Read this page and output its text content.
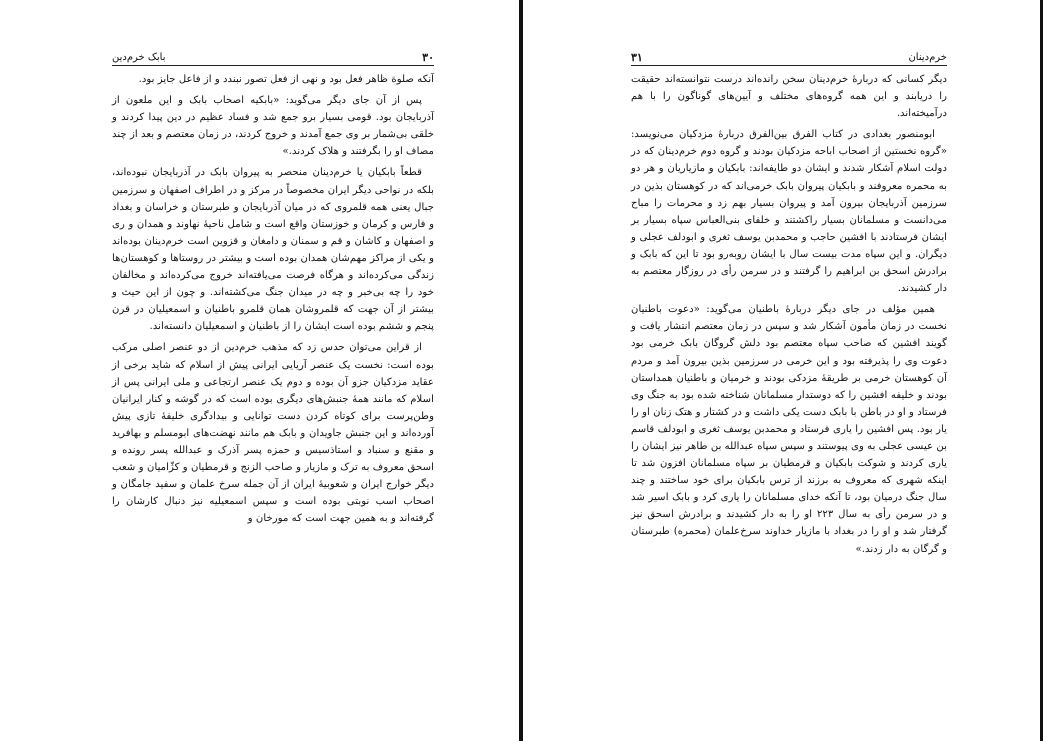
بابک خرم‌دین	۳۰

آنکه صلوة ظاهر فعل بود و نهی از فعل تصور نبندد و از فاعل جایز بود.

پس از آن جای دیگر می‌گوید: «بابکیه اصحاب بابک و این ملعون از آذربایجان بود. قومی بسیار برو جمع شد و فساد عظیم در دین پیدا کردند و خلقی بی‌شمار بر وی جمع آمدند و خروج کردند، در زمان معتصم و بعد از چند مصاف او را بگرفتند و هلاک کردند.»

قطعاً بابکیان یا خرم‌دینان منحصر به پیروان بابک در آذربایجان نبوده‌اند، بلکه در نواحی دیگر ایران مخصوصاً در مرکز و در اطراف اصفهان و سرزمین جبال یعنی همه قلمروی که در میان آذربایجان و طبرستان و خراسان و بغداد و فارس و کرمان و خوزستان واقع است و شامل ناحیهٔ نهاوند و همدان و ری و اصفهان و کاشان و قم و سمنان و دامغان و قزوین است خرم‌دینان بوده‌اند و یکی از مراکز مهم‌شان همدان بوده است و بیشتر در روستاها و کوهستان‌ها زندگی می‌کرده‌اند و هرگاه فرصت می‌یافته‌اند خروج می‌کرده‌اند و مخالفان خود را چه بی‌خبر و چه در میدان جنگ می‌کشته‌اند. و چون از این حیث و بیشتر از آن جهت که قلمروشان همان قلمرو باطنیان و اسمعیلیان در قرن پنجم و ششم بوده است ایشان را از باطنیان و اسمعیلیان دانسته‌اند.

از قراین می‌توان حدس زد که مذهب خرم‌دین از دو عنصر اصلی مرکب بوده است: نخست یک عنصر آریایی ایرانی پیش از اسلام که شاید برخی از عقاید مزدکیان جزو آن بوده و دوم یک عنصر ارتجاعی و ملی ایرانی پس از اسلام که مانند همهٔ جنبش‌های دیگری بوده است که در گوشه و کنار ایرانیان وطن‌پرست برای کوتاه کردن دست توانایی و بیدادگری خلیفهٔ تازی پیش آورده‌اند و این جنبش جاویدان و بابک هم مانند نهضت‌های ابومسلم و بهافرید و مقنع و سنباد و استاذسیس و حمزه پسر آذرک و عبدالله پسر رونده و اسحق معروف به ترک و مازیار و صاحب الزنج و قرمطیان و کژّامیان و شعب دیگر خوارج ایران و شعوبیهٔ ایران از آن جمله سرخ علمان و سفید جامگان و اصحاب اسب نوبتی بوده است و سپس اسمعیلیه نیز دنبال کارشان را گرفته‌اند و به همین جهت است که مورخان و

۳۱	خرم‌دینان

دیگر کسانی که دربارهٔ خرم‌دینان سخن رانده‌اند درست نتوانسته‌اند حقیقت را دریابند و این همه گروه‌های مختلف و آیین‌های گوناگون را با هم درآمیخته‌اند.

ابومنصور بغدادی در کتاب الفرق بین‌الفرق دربارهٔ مزدکیان می‌نویسد: «گروه نخستین از اصحاب اباحه مزدکیان بودند و گروه دوم خرم‌دینان که در دولت اسلام آشکار شدند و ایشان دو طایفه‌اند: بابکیان و مازیاریان و هر دو به محمره معروفند و بابکیان پیروان بابک خرمی‌اند که در کوهستان بذین در سرزمین آذربایجان بیرون آمد و پیروان بسیار بهم زد و محرمات را مباح می‌دانست و مسلمانان بسیار راکشتند و خلفای بنی‌العباس سپاه بسیار بر ایشان فرستادند با افشین حاجب و محمدبن یوسف ثغری و ابودلف عجلی و دیگران. و این سپاه مدت بیست سال با ایشان روبه‌رو بود تا این که بابک و برادرش اسحق بن ابراهیم را گرفتند و در سرمن رأی در روزگار معتصم به دار کشیدند.

همین مؤلف در جای دیگر دربارهٔ باطنیان می‌گوید: «دعوت باطنیان نخست در زمان مأمون آشکار شد و سپس در زمان معتصم انتشار یافت و گویند افشین که صاحب سپاه معتصم بود دلش گروگان بابک خرمی بود دعوت وی را پذیرفته بود و این خرمی در سرزمین بذین بیرون آمد و مردم آن کوهستان خرمی بر طریقهٔ مزدکی بودند و خرمیان و باطنیان همداستان بودند و خلیفه افشین را که دوستدار مسلمانان شناخته شده بود به جنگ وی فرستاد و او در باطن با بابک دست یکی داشت و در کشتار و هتک زنان او را یار بود. پس افشین را یاری فرستاد و محمدبن یوسف ثغری و ابودلف قاسم بن عیسی عجلی به وی پیوستند و سپس سپاه عبدالله بن طاهر نیز ایشان را یاری کردند و شوکت بابکیان و قرمطیان بر سپاه مسلمانان افزون شد تا اینکه شهری که معروف به برزند از ترس بابکیان برای خود ساختند و چند سال جنگ درمیان بود، تا آنکه خدای مسلمانان را یاری کرد و بابک اسیر شد و در سرمن رأی به سال ۲۲۳ او را به دار کشیدند و برادرش اسحق نیز گرفتار شد و او را در بغداد با مازیار خداوند سرخ‌علمان (محمره) طبرستان و گرگان به دار زدند.»
